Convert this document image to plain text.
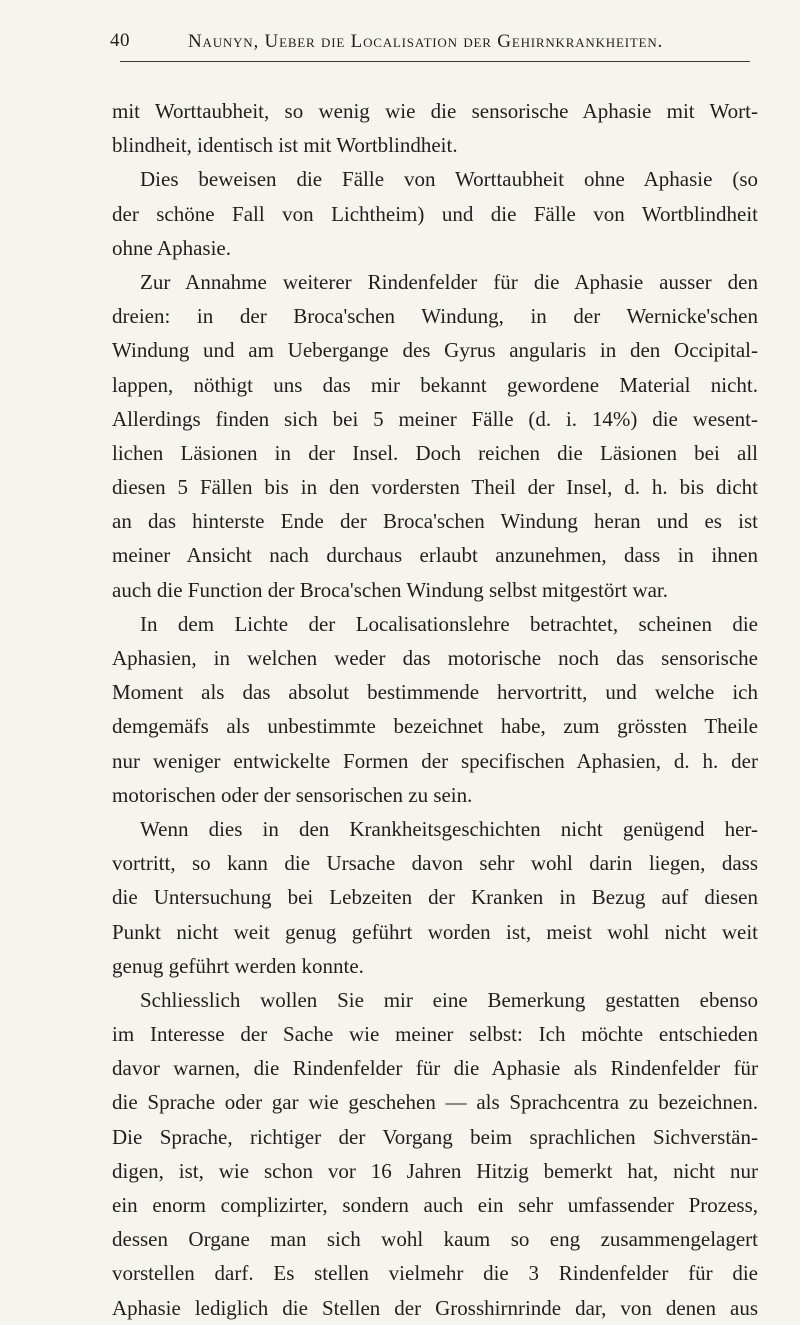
40	Naunyn, Ueber die Localisation der Gehirnkrankheiten.
mit Worttaubheit, so wenig wie die sensorische Aphasie mit Wort-
blindheit, identisch ist mit Wortblindheit.
Dies beweisen die Fälle von Worttaubheit ohne Aphasie (so
der schöne Fall von Lichtheim) und die Fälle von Wortblindheit
ohne Aphasie.
Zur Annahme weiterer Rindenfelder für die Aphasie ausser den
dreien: in der Broca'schen Windung, in der Wernicke'schen
Windung und am Uebergange des Gyrus angularis in den Occipital-
lappen, nöthigt uns das mir bekannt gewordene Material nicht.
Allerdings finden sich bei 5 meiner Fälle (d. i. 14%) die wesent-
lichen Läsionen in der Insel. Doch reichen die Läsionen bei all
diesen 5 Fällen bis in den vordersten Theil der Insel, d. h. bis dicht
an das hinterste Ende der Broca'schen Windung heran und es ist
meiner Ansicht nach durchaus erlaubt anzunehmen, dass in ihnen
auch die Function der Broca'schen Windung selbst mitgestört war.
In dem Lichte der Localisationslehre betrachtet, scheinen die
Aphasien, in welchen weder das motorische noch das sensorische
Moment als das absolut bestimmende hervortritt, und welche ich
demgemäfs als unbestimmte bezeichnet habe, zum grössten Theile
nur weniger entwickelte Formen der specifischen Aphasien, d. h. der
motorischen oder der sensorischen zu sein.
Wenn dies in den Krankheitsgeschichten nicht genügend her-
vortritt, so kann die Ursache davon sehr wohl darin liegen, dass
die Untersuchung bei Lebzeiten der Kranken in Bezug auf diesen
Punkt nicht weit genug geführt worden ist, meist wohl nicht weit
genug geführt werden konnte.
Schliesslich wollen Sie mir eine Bemerkung gestatten ebenso
im Interesse der Sache wie meiner selbst: Ich möchte entschieden
davor warnen, die Rindenfelder für die Aphasie als Rindenfelder für
die Sprache oder gar wie geschehen — als Sprachcentra zu bezeichnen.
Die Sprache, richtiger der Vorgang beim sprachlichen Sichverstän-
digen, ist, wie schon vor 16 Jahren Hitzig bemerkt hat, nicht nur
ein enorm complizirter, sondern auch ein sehr umfassender Prozess,
dessen Organe man sich wohl kaum so eng zusammengelagert
vorstellen darf. Es stellen vielmehr die 3 Rindenfelder für die
Aphasie lediglich die Stellen der Grosshirnrinde dar, von denen aus
